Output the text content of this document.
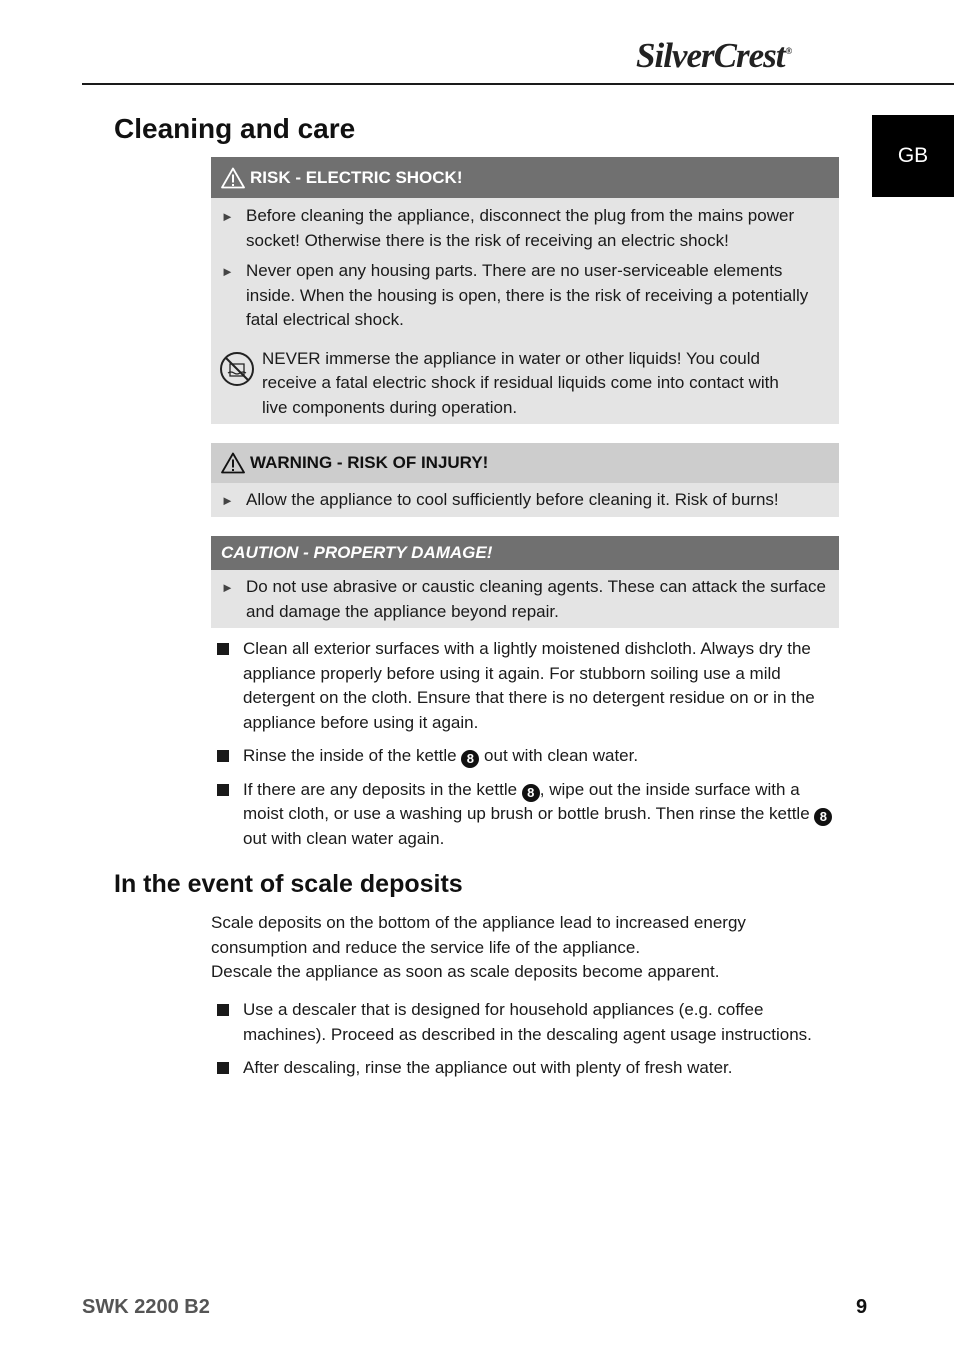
SilverCrest®
GB
Cleaning and care
RISK - ELECTRIC SHOCK!
► Before cleaning the appliance, disconnect the plug from the mains power socket! Otherwise there is the risk of receiving an electric shock!
► Never open any housing parts. There are no user-serviceable elements inside. When the housing is open, there is the risk of receiving a potentially fatal electrical shock.
NEVER immerse the appliance in water or other liquids! You could receive a fatal electric shock if residual liquids come into contact with live components during operation.
WARNING - RISK OF INJURY!
► Allow the appliance to cool sufficiently before cleaning it. Risk of burns!
CAUTION - PROPERTY DAMAGE!
► Do not use abrasive or caustic cleaning agents. These can attack the surface and damage the appliance beyond repair.
Clean all exterior surfaces with a lightly moistened dishcloth. Always dry the appliance properly before using it again. For stubborn soiling use a mild detergent on the cloth. Ensure that there is no detergent residue on or in the appliance before using it again.
Rinse the inside of the kettle 8 out with clean water.
If there are any deposits in the kettle 8 , wipe out the inside surface with a moist cloth, or use a washing up brush or bottle brush. Then rinse the kettle 8 out with clean water again.
In the event of scale deposits
Scale deposits on the bottom of the appliance lead to increased energy consumption and reduce the service life of the appliance.
Descale the appliance as soon as scale deposits become apparent.
Use a descaler that is designed for household appliances (e.g. coffee machines). Proceed as described in the descaling agent usage instructions.
After descaling, rinse the appliance out with plenty of fresh water.
SWK 2200 B2	9
